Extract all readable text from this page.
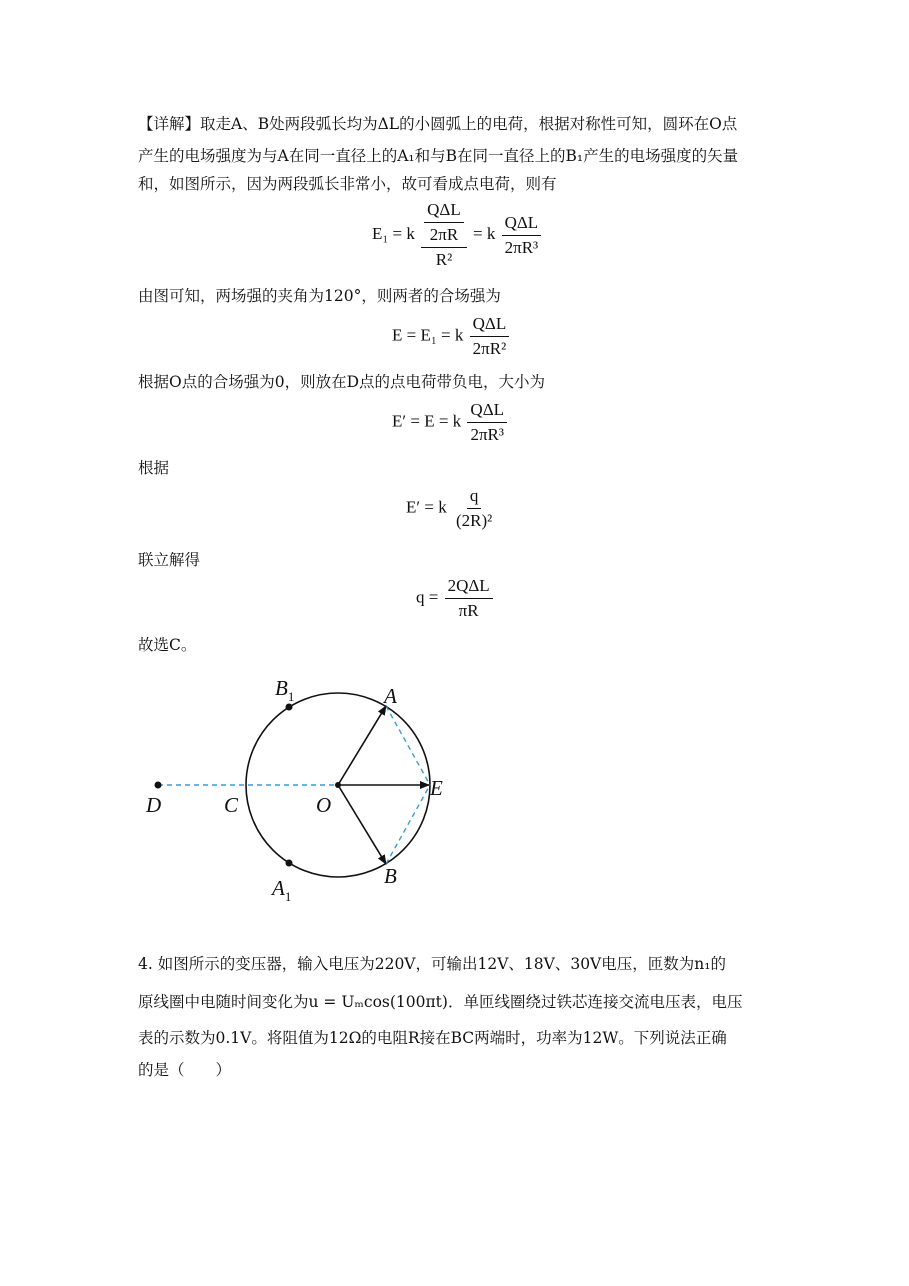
【详解】取走A、B处两段弧长均为ΔL的小圆弧上的电荷，根据对称性可知，圆环在O点
产生的电场强度为与A在同一直径上的A₁和与B在同一直径上的B₁产生的电场强度的矢量
和，如图所示，因为两段弧长非常小，故可看成点电荷，则有
E₁ = k $\frac{\frac{\text{QΔL}}{2\pi R}}{\text{R²}} = k \frac{\text{QΔL}}{\text{2πR³}}$
由图可知，两场强的夹角为120°，则两者的合场强为
E = E₁ = k $\frac{\text{QΔL}}{\text{2πR²}}$
根据O点的合场强为0，则放在D点的点电荷带负电，大小为
E′ = E = k $\frac{\text{QΔL}}{\text{2πR³}}$
根据
E′ = k $\frac{q}{\text{(2R)²}}$
联立解得
$q = \frac{\text{2QΔL}}{\pi R}$
故选C。
$B_1$	A
D	C	O
E
$A_1$
B
4. 如图所示的变压器，输入电压为220V，可输出12V、18V、30V电压，匝数为n₁的
原线圈中电随时间变化为u = Uₘcos(100πt)．单匝线圈绕过铁芯连接交流电压表，电压
表的示数为0.1V。将阻值为12Ω的电阻R接在BC两端时，功率为12W。下列说法正确
的是（　　）
